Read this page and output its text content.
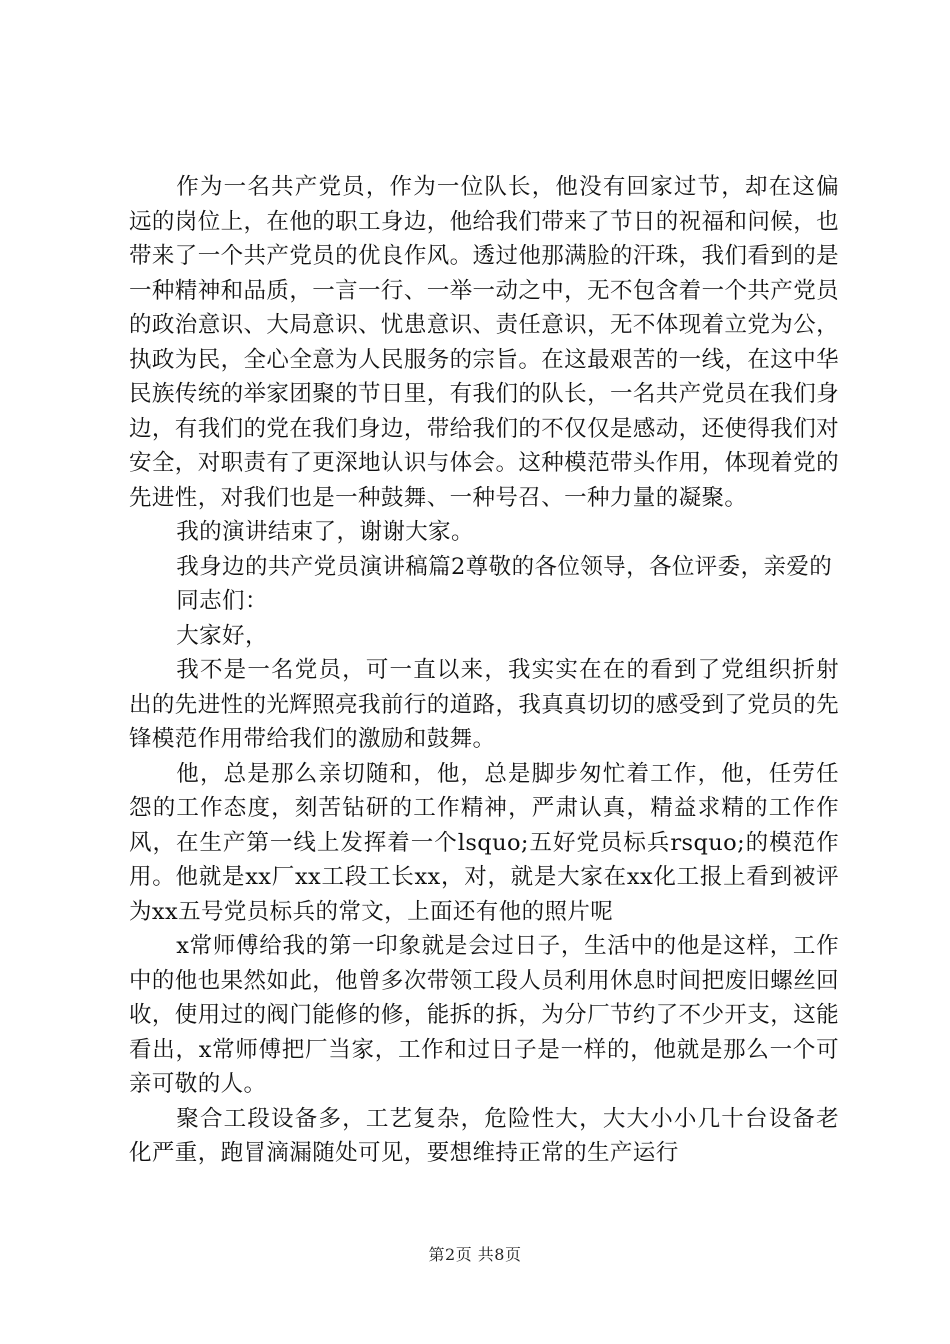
作为一名共产党员，作为一位队长，他没有回家过节，却在这偏远的岗位上，在他的职工身边，他给我们带来了节日的祝福和问候，也带来了一个共产党员的优良作风。透过他那满脸的汗珠，我们看到的是一种精神和品质，一言一行、一举一动之中，无不包含着一个共产党员的政治意识、大局意识、忧患意识、责任意识，无不体现着立党为公，执政为民，全心全意为人民服务的宗旨。在这最艰苦的一线，在这中华民族传统的举家团聚的节日里，有我们的队长，一名共产党员在我们身边，有我们的党在我们身边，带给我们的不仅仅是感动，还使得我们对安全，对职责有了更深地认识与体会。这种模范带头作用，体现着党的先进性，对我们也是一种鼓舞、一种号召、一种力量的凝聚。

我的演讲结束了，谢谢大家。

我身边的共产党员演讲稿篇2尊敬的各位领导，各位评委，亲爱的

同志们：

大家好，

我不是一名党员，可一直以来，我实实在在的看到了党组织折射出的先进性的光辉照亮我前行的道路，我真真切切的感受到了党员的先锋模范作用带给我们的激励和鼓舞。

他，总是那么亲切随和，他，总是脚步匆忙着工作，他，任劳任怨的工作态度，刻苦钻研的工作精神，严肃认真，精益求精的工作作风，在生产第一线上发挥着一个lsquo;五好党员标兵rsquo;的模范作用。他就是xx厂xx工段工长xx，对，就是大家在xx化工报上看到被评为xx五号党员标兵的常文，上面还有他的照片呢

x常师傅给我的第一印象就是会过日子，生活中的他是这样，工作中的他也果然如此，他曾多次带领工段人员利用休息时间把废旧螺丝回收，使用过的阀门能修的修，能拆的拆，为分厂节约了不少开支，这能看出，x常师傅把厂当家，工作和过日子是一样的，他就是那么一个可亲可敬的人。

聚合工段设备多，工艺复杂，危险性大，大大小小几十台设备老化严重，跑冒滴漏随处可见，要想维持正常的生产运行

第2页 共8页
